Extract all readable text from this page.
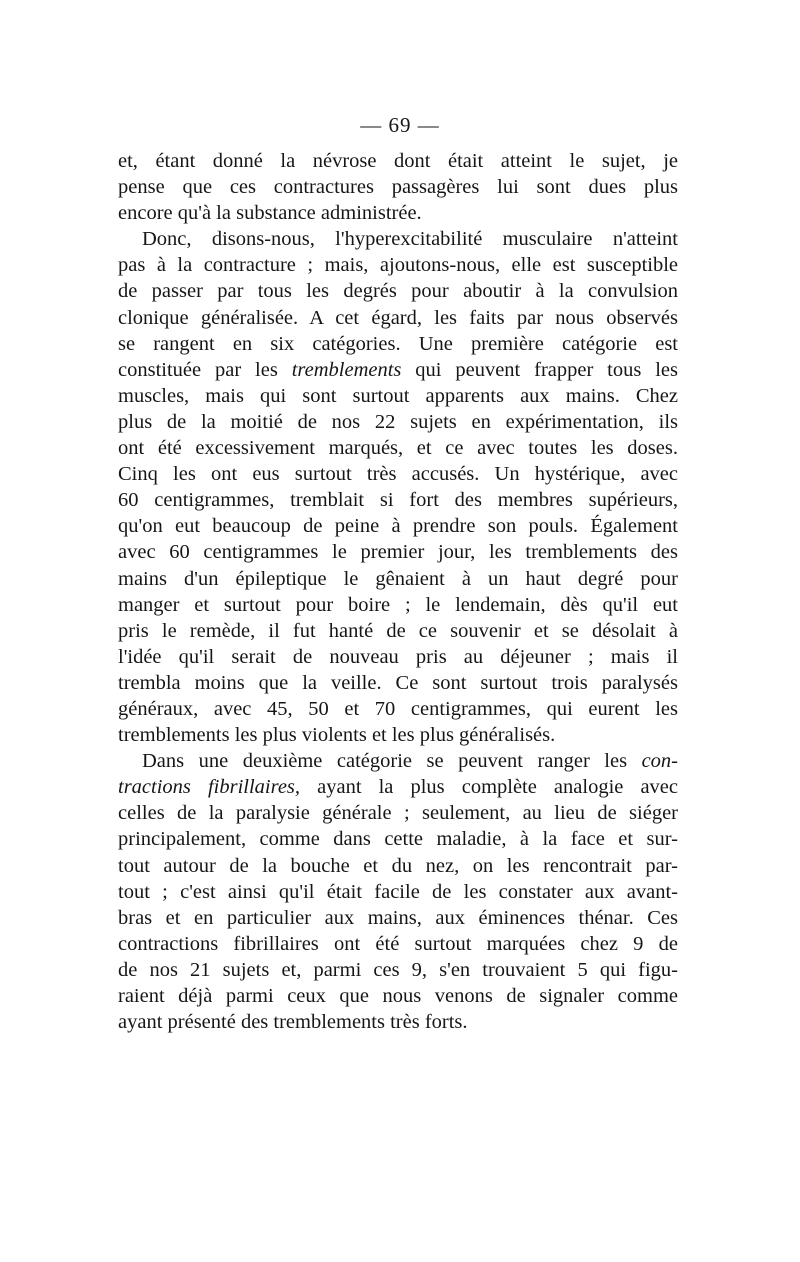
— 69 —
et, étant donné la névrose dont était atteint le sujet, je
pense que ces contractures passagères lui sont dues plus
encore qu'à la substance administrée.
Donc, disons-nous, l'hyperexcitabilité musculaire n'atteint
pas à la contracture ; mais, ajoutons-nous, elle est susceptible
de passer par tous les degrés pour aboutir à la convulsion
clonique généralisée. A cet égard, les faits par nous observés
se rangent en six catégories. Une première catégorie est
constituée par les tremblements qui peuvent frapper tous les
muscles, mais qui sont surtout apparents aux mains. Chez
plus de la moitié de nos 22 sujets en expérimentation, ils
ont été excessivement marqués, et ce avec toutes les doses.
Cinq les ont eus surtout très accusés. Un hystérique, avec
60 centigrammes, tremblait si fort des membres supérieurs,
qu'on eut beaucoup de peine à prendre son pouls. Également
avec 60 centigrammes le premier jour, les tremblements des
mains d'un épileptique le gênaient à un haut degré pour
manger et surtout pour boire ; le lendemain, dès qu'il eut
pris le remède, il fut hanté de ce souvenir et se désolait à
l'idée qu'il serait de nouveau pris au déjeuner ; mais il
trembla moins que la veille. Ce sont surtout trois paralysés
généraux, avec 45, 50 et 70 centigrammes, qui eurent les
tremblements les plus violents et les plus généralisés.
Dans une deuxième catégorie se peuvent ranger les con-
tractions fibrillaires, ayant la plus complète analogie avec
celles de la paralysie générale ; seulement, au lieu de siéger
principalement, comme dans cette maladie, à la face et sur-
tout autour de la bouche et du nez, on les rencontrait par-
tout ; c'est ainsi qu'il était facile de les constater aux avant-
bras et en particulier aux mains, aux éminences thénar. Ces
contractions fibrillaires ont été surtout marquées chez 9 de
de nos 21 sujets et, parmi ces 9, s'en trouvaient 5 qui figu-
raient déjà parmi ceux que nous venons de signaler comme
ayant présenté des tremblements très forts.
